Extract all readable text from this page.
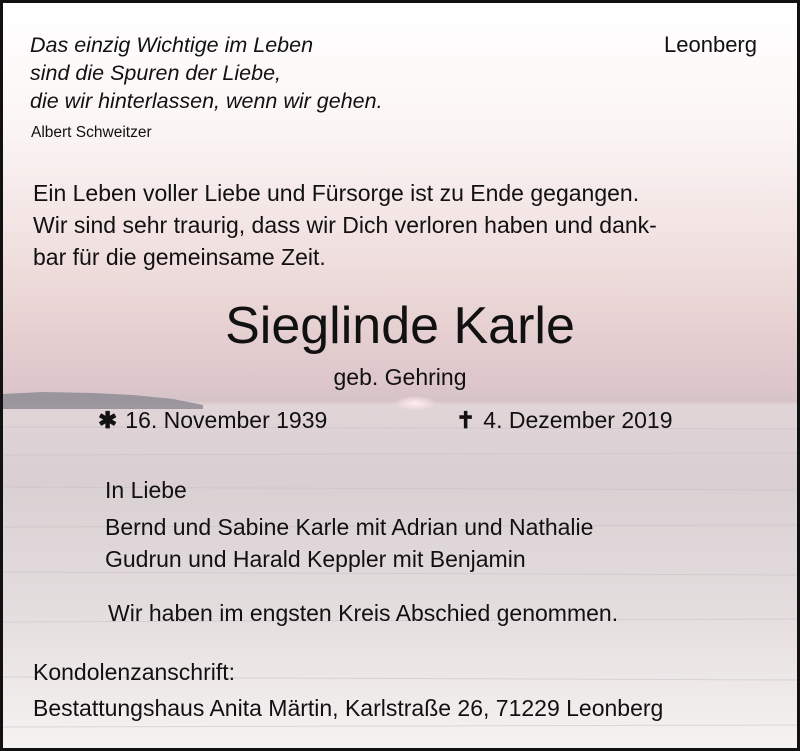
Das einzig Wichtige im Leben

sind die Spuren der Liebe,

die wir hinterlassen, wenn wir gehen.

Albert Schweitzer

Leonberg

Ein Leben voller Liebe und Fürsorge ist zu Ende gegangen.

Wir sind sehr traurig, dass wir Dich verloren haben und dank-

bar für die gemeinsame Zeit.

Sieglinde Karle

geb. Gehring

✱ 16. November 1939	✝ 4. Dezember 2019

In Liebe

Bernd und Sabine Karle mit Adrian und Nathalie

Gudrun und Harald Keppler mit Benjamin

Wir haben im engsten Kreis Abschied genommen.

Kondolenzanschrift:

Bestattungshaus Anita Märtin, Karlstraße 26, 71229 Leonberg
